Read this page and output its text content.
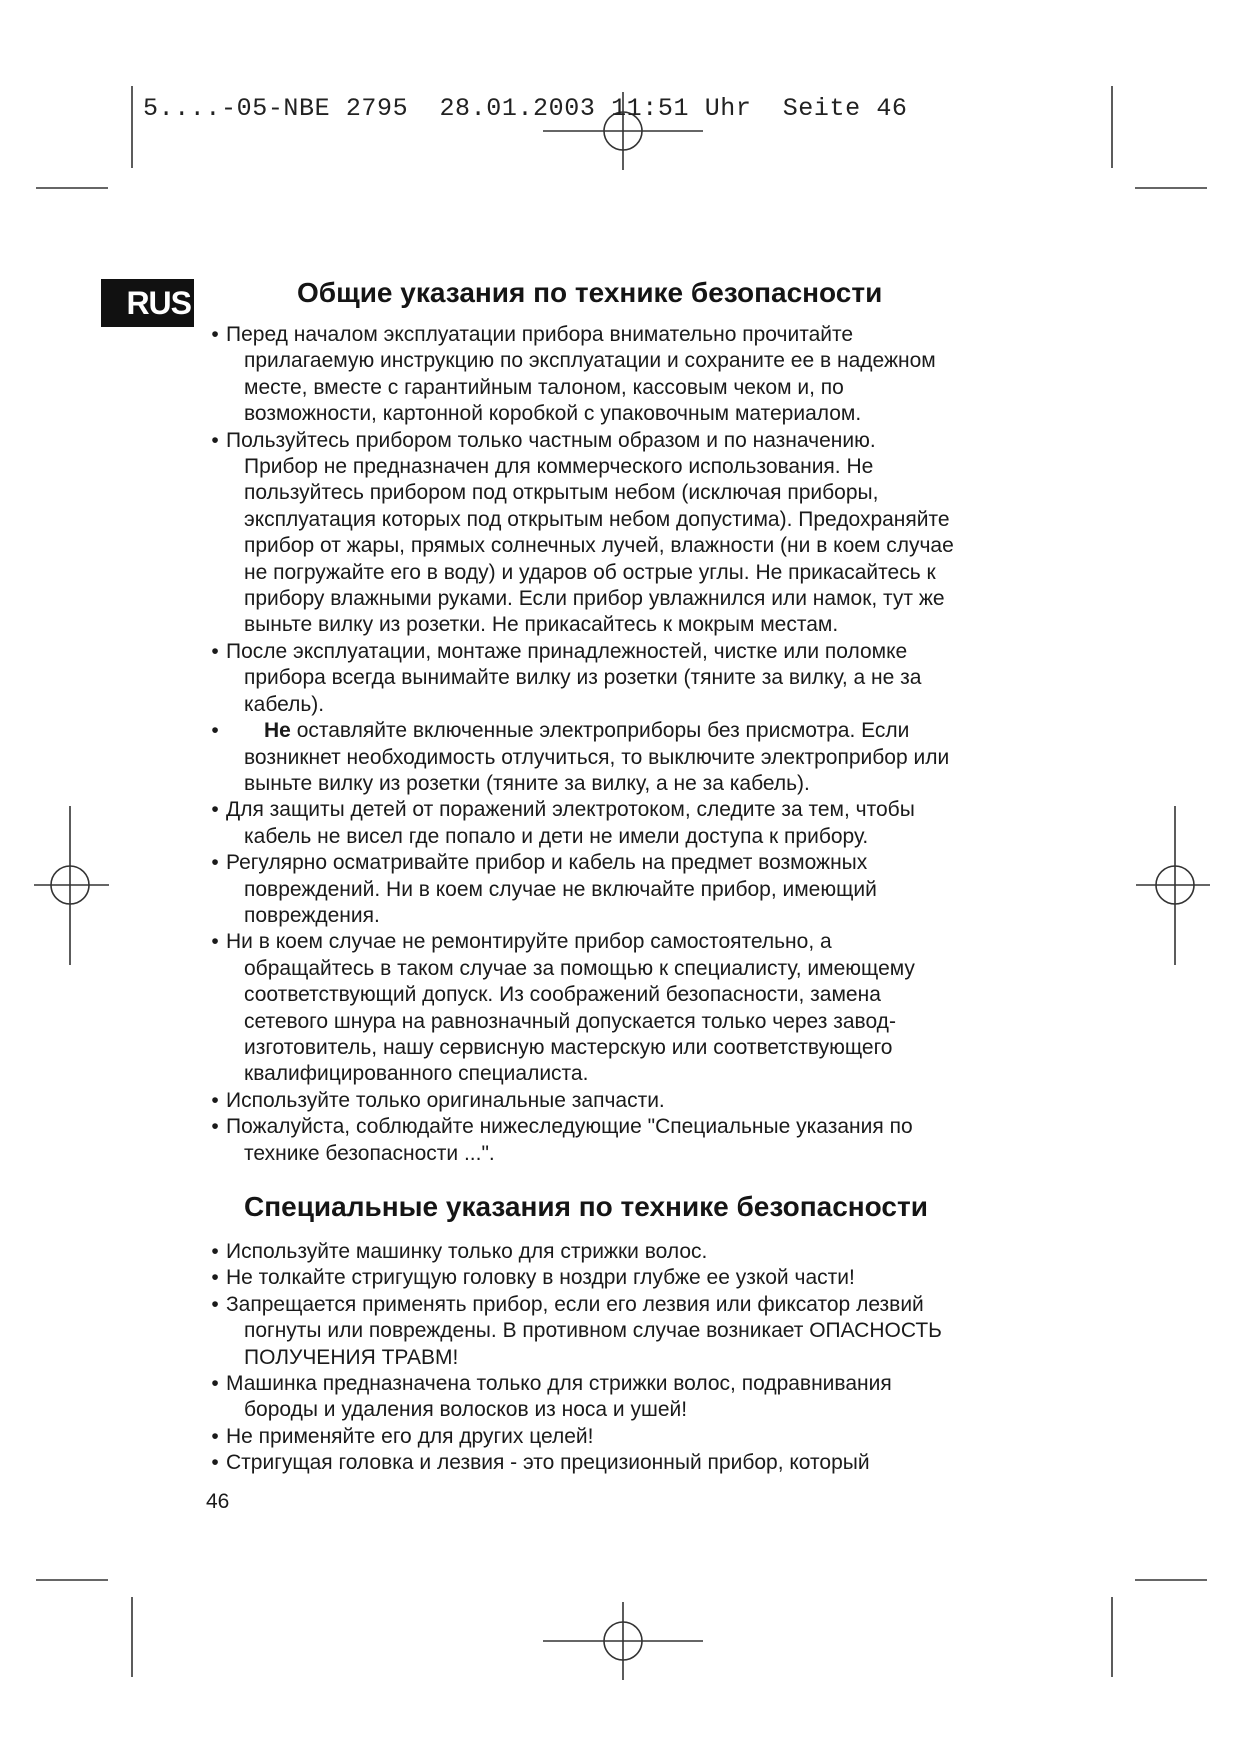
5....-05-NBE 2795  28.01.2003 11:51 Uhr  Seite 46

RUS	Общие указания по технике безопасности
• Перед началом эксплуатации прибора внимательно прочитайте
прилагаемую инструкцию по эксплуатации и сохраните ее в надежном
месте, вместе с гарантийным талоном, кассовым чеком и, по
возможности, картонной коробкой с упаковочным материалом.
• Пользуйтесь прибором только частным образом и по назначению.
Прибор не предназначен для коммерческого использования. Не
пользуйтесь прибором под открытым небом (исключая приборы,
эксплуатация которых под открытым небом допустима). Предохраняйте
прибор от жары, прямых солнечных лучей, влажности (ни в коем случае
не погружайте его в воду) и ударов об острые углы. Не прикасайтесь к
прибору влажными руками. Если прибор увлажнился или намок, тут же
выньте вилку из розетки. Не прикасайтесь к мокрым местам.
• После эксплуатации, монтаже принадлежностей, чистке или поломке
прибора всегда вынимайте вилку из розетки (тяните за вилку, а не за
кабель).
• Не оставляйте включенные электроприборы без присмотра. Если
возникнет необходимость отлучиться, то выключите электроприбор или
выньте вилку из розетки (тяните за вилку, а не за кабель).
• Для защиты детей от поражений электротоком, следите за тем, чтобы
кабель не висел где попало и дети не имели доступа к прибору.
• Регулярно осматривайте прибор и кабель на предмет возможных
повреждений. Ни в коем случае не включайте прибор, имеющий
повреждения.
• Ни в коем случае не ремонтируйте прибор самостоятельно, а
обращайтесь в таком случае за помощью к специалисту, имеющему
соответствующий допуск. Из соображений безопасности, замена
сетевого шнура на равнозначный допускается только через завод-
изготовитель, нашу сервисную мастерскую или соответствующего
квалифицированного специалиста.
• Используйте только оригинальные запчасти.
• Пожалуйста, соблюдайте нижеследующие "Специальные указания по
технике безопасности ...".
Специальные указания по технике безопасности
• Используйте машинку только для стрижки волос.
• Не толкайте стригущую головку в ноздри глубже ее узкой части!
• Запрещается применять прибор, если его лезвия или фиксатор лезвий
погнуты или повреждены. В противном случае возникает ОПАСНОСТЬ
ПОЛУЧЕНИЯ ТРАВМ!
• Машинка предназначена только для стрижки волос, подравнивания
бороды и удаления волосков из носа и ушей!
• Не применяйте его для других целей!
• Стригущая головка и лезвия - это прецизионный прибор, который

46
